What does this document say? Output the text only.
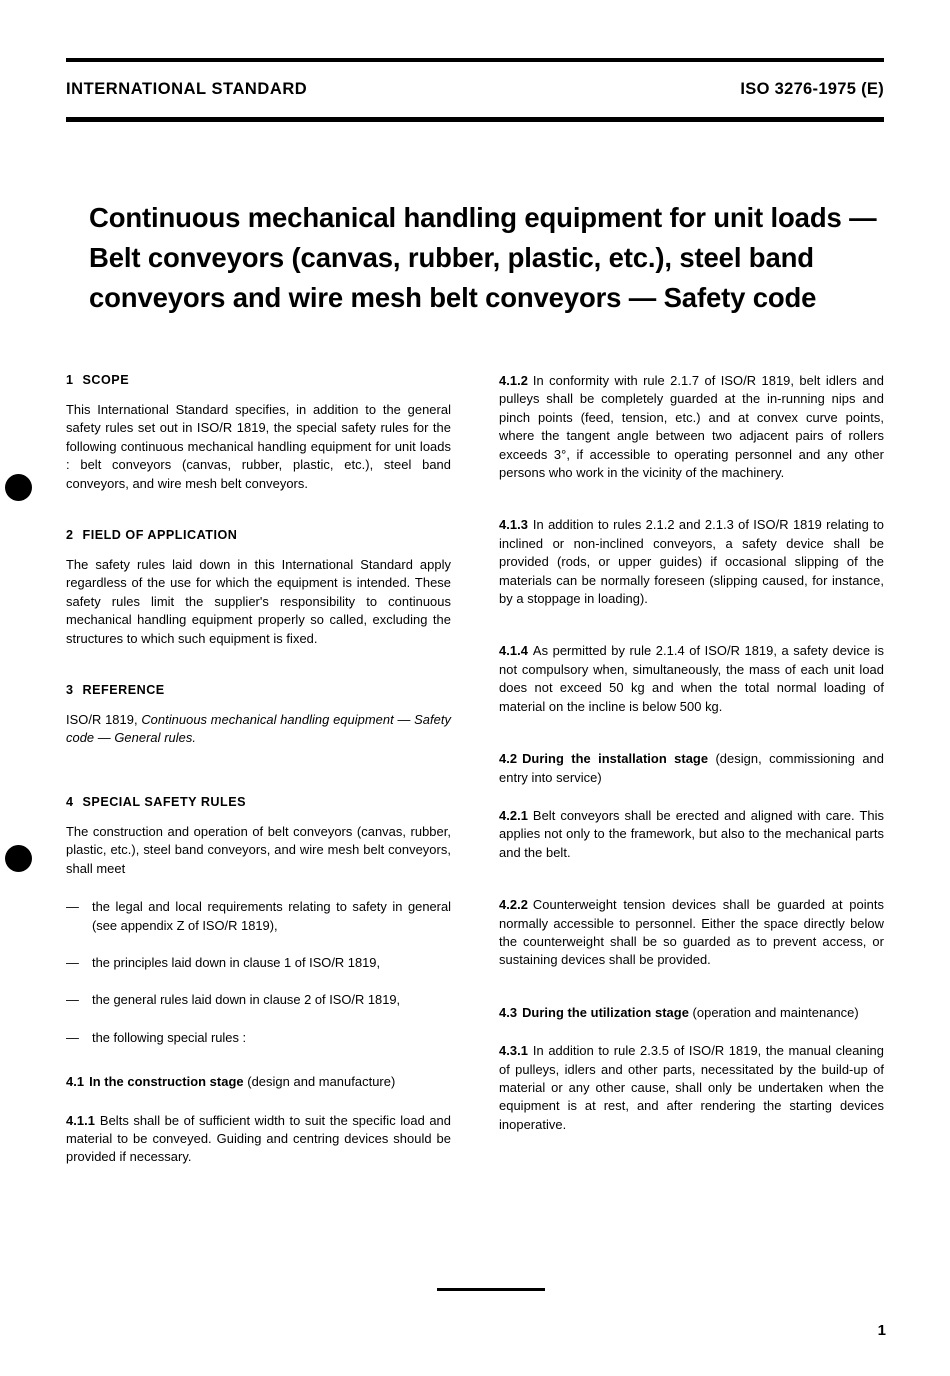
INTERNATIONAL STANDARD	ISO 3276-1975 (E)
Continuous mechanical handling equipment for unit loads —
Belt conveyors (canvas, rubber, plastic, etc.), steel band
conveyors and wire mesh belt conveyors — Safety code
1 SCOPE

This International Standard specifies, in addition to the general safety rules set out in ISO/R 1819, the special safety rules for the following continuous mechanical handling equipment for unit loads : belt conveyors (canvas, rubber, plastic, etc.), steel band conveyors, and wire mesh belt conveyors.

2 FIELD OF APPLICATION

The safety rules laid down in this International Standard apply regardless of the use for which the equipment is intended. These safety rules limit the supplier's responsibility to continuous mechanical handling equipment properly so called, excluding the structures to which such equipment is fixed.

3 REFERENCE

ISO/R 1819, Continuous mechanical handling equipment — Safety code — General rules.

4 SPECIAL SAFETY RULES

The construction and operation of belt conveyors (canvas, rubber, plastic, etc.), steel band conveyors, and wire mesh belt conveyors, shall meet

— the legal and local requirements relating to safety in general (see appendix Z of ISO/R 1819),
— the principles laid down in clause 1 of ISO/R 1819,
— the general rules laid down in clause 2 of ISO/R 1819,
— the following special rules :

4.1 In the construction stage (design and manufacture)

4.1.1 Belts shall be of sufficient width to suit the specific load and material to be conveyed. Guiding and centring devices should be provided if necessary.

4.1.2 In conformity with rule 2.1.7 of ISO/R 1819, belt idlers and pulleys shall be completely guarded at the in-running nips and pinch points (feed, tension, etc.) and at convex curve points, where the tangent angle between two adjacent pairs of rollers exceeds 3°, if accessible to operating personnel and any other persons who work in the vicinity of the machinery.

4.1.3 In addition to rules 2.1.2 and 2.1.3 of ISO/R 1819 relating to inclined or non-inclined conveyors, a safety device shall be provided (rods, or upper guides) if occasional slipping of the materials can be normally foreseen (slipping caused, for instance, by a stoppage in loading).

4.1.4 As permitted by rule 2.1.4 of ISO/R 1819, a safety device is not compulsory when, simultaneously, the mass of each unit load does not exceed 50 kg and when the total normal loading of material on the incline is below 500 kg.

4.2 During the installation stage (design, commissioning and entry into service)

4.2.1 Belt conveyors shall be erected and aligned with care. This applies not only to the framework, but also to the mechanical parts and the belt.

4.2.2 Counterweight tension devices shall be guarded at points normally accessible to personnel. Either the space directly below the counterweight shall be so guarded as to prevent access, or sustaining devices shall be provided.

4.3 During the utilization stage (operation and maintenance)

4.3.1 In addition to rule 2.3.5 of ISO/R 1819, the manual cleaning of pulleys, idlers and other parts, necessitated by the build-up of material or any other cause, shall only be undertaken when the equipment is at rest, and after rendering the starting devices inoperative.

1
